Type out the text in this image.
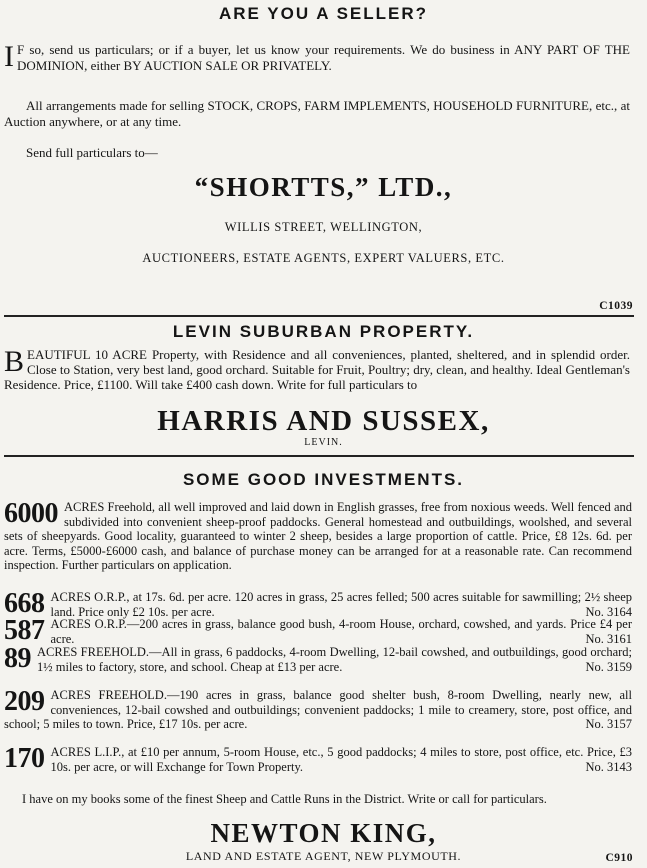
ARE YOU A SELLER?
I F so, send us particulars; or if a buyer, let us know your requirements. We do business in ANY PART OF THE DOMINION, either BY AUCTION SALE OR PRIVATELY.
All arrangements made for selling STOCK, CROPS, FARM IMPLEMENTS, HOUSEHOLD FURNITURE, etc., at Auction anywhere, or at any time.
Send full particulars to—
“SHORTTS,” LTD.,
WILLIS STREET, WELLINGTON,
AUCTIONEERS, ESTATE AGENTS, EXPERT VALUERS, ETC.
C1039
LEVIN SUBURBAN PROPERTY.
BEAUTIFUL 10 ACRE Property, with Residence and all conveniences, planted, sheltered, and in splendid order. Close to Station, very best land, good orchard. Suitable for Fruit, Poultry; dry, clean, and healthy. Ideal Gentleman's Residence. Price, £1100. Will take £400 cash down. Write for full particulars to
HARRIS AND SUSSEX,
LEVIN.
SOME GOOD INVESTMENTS.
6000 ACRES Freehold, all well improved and laid down in English grasses, free from noxious weeds. Well fenced and subdivided into convenient sheep-proof paddocks. General homestead and outbuildings, woolshed, and several sets of sheepyards. Good locality, guaranteed to winter 2 sheep, besides a large proportion of cattle. Price, £8 12s. 6d. per acre. Terms, £5000-£6000 cash, and balance of purchase money can be arranged for at a reasonable rate. Can recommend inspection. Further particulars on application.
668 ACRES O.R.P., at 17s. 6d. per acre. 120 acres in grass, 25 acres felled; 500 acres suitable for sawmilling; 2½ sheep land. Price only £2 10s. per acre.	No. 3164
587 ACRES O.R.P.—200 acres in grass, balance good bush, 4-room House, orchard, cowshed, and yards. Price £4 per acre.	No. 3161
89 ACRES FREEHOLD.—All in grass, 6 paddocks, 4-room Dwelling, 12-bail cowshed, and outbuildings, good orchard; 1½ miles to factory, store, and school. Cheap at £13 per acre.	No. 3159
209 ACRES FREEHOLD.—190 acres in grass, balance good shelter bush, 8-room Dwelling, nearly new, all conveniences, 12-bail cowshed and outbuildings; convenient paddocks; 1 mile to creamery, store, post office, and school; 5 miles to town. Price, £17 10s. per acre.	No. 3157
170 ACRES L.I.P., at £10 per annum, 5-room House, etc., 5 good paddocks; 4 miles to store, post office, etc. Price, £3 10s. per acre, or will Exchange for Town Property.	No. 3143
I have on my books some of the finest Sheep and Cattle Runs in the District. Write or call for particulars.
NEWTON KING,
LAND AND ESTATE AGENT, NEW PLYMOUTH.	C910
